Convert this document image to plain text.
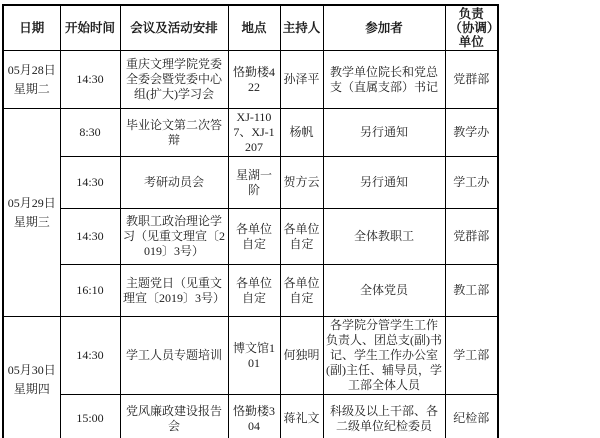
日期	开始时间	会议及活动安排	地点	主持人	参加者	负责（协调）单位

05月28日
星期二	14:30	重庆文理学院党委全委会暨党委中心组(扩大)学习会	恪勤楼422	孙泽平	教学单位院长和党总支（直属支部）书记	党群部

05月29日
星期三	8:30	毕业论文第二次答辩	XJ-1107、XJ-1207	杨帆	另行通知	教学办
	14:30	考研动员会	星湖一阶	贺方云	另行通知	学工办
	14:30	教职工政治理论学习（见重文理宣〔2019〕3号）	各单位自定	各单位自定	全体教职工	党群部
	16:10	主题党日（见重文理宣〔2019〕3号）	各单位自定	各单位自定	全体党员	教工部

05月30日
星期四	14:30	学工人员专题培训	博文馆101	何独明	各学院分管学生工作负责人、团总支(副)书记、学生工作办公室(副)主任、辅导员，学工部全体人员	学工部
	15:00	党风廉政建设报告会	恪勤楼304	蒋礼文	科级及以上干部、各二级单位纪检委员	纪检部
